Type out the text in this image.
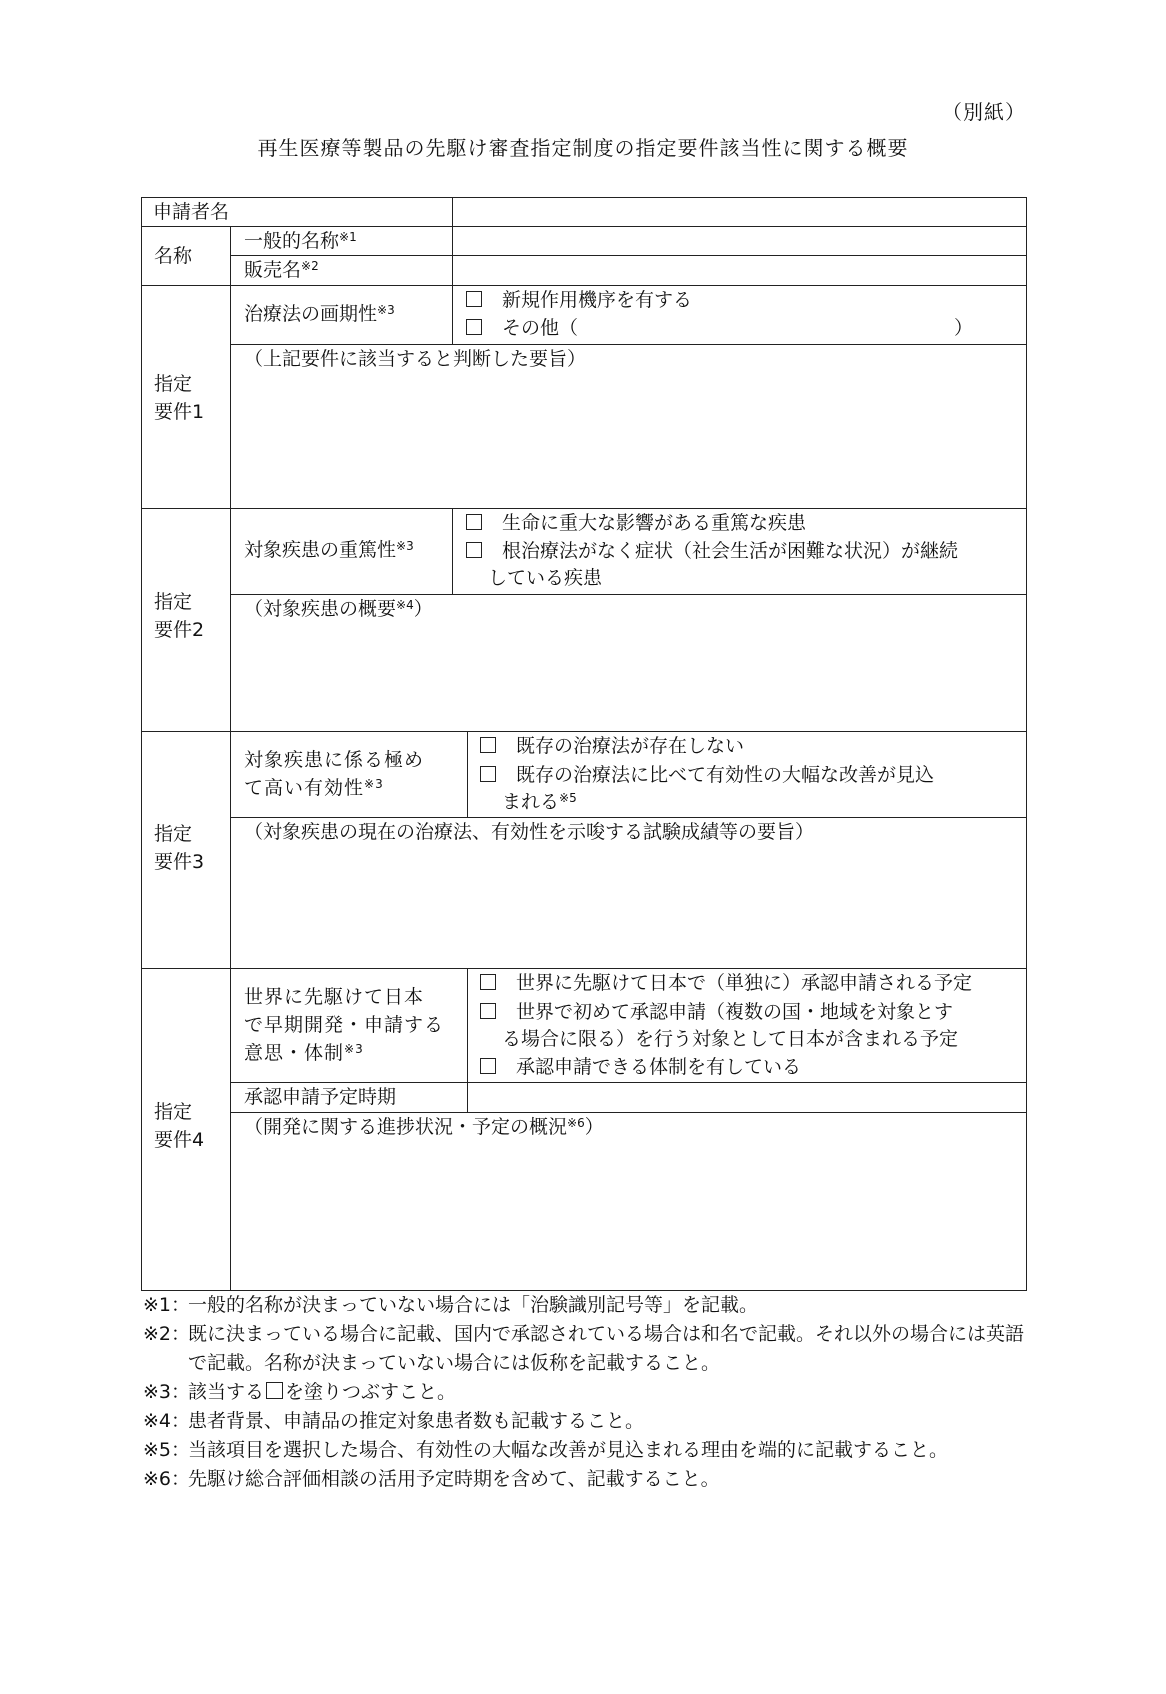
（別紙）
再生医療等製品の先駆け審査指定制度の指定要件該当性に関する概要
申請者名
名称
一般的名称$^{※1}$
販売名$^{※2}$
指定
要件1
治療法の画期性$^{※3}$	新規作用機序を有する
その他（	）
（上記要件に該当すると判断した要旨）
指定
要件2
対象疾患の重篤性$^{※3}$
生命に重大な影響がある重篤な疾患
根治療法がなく症状（社会生活が困難な状況）が継続
している疾患
（対象疾患の概要$^{※4}$）
指定
要件3
対象疾患に係る極め
て高い有効性$^{※3}$
既存の治療法が存在しない
既存の治療法に比べて有効性の大幅な改善が見込
まれる$^{※5}$
（対象疾患の現在の治療法、有効性を示唆する試験成績等の要旨）
指定
要件4
世界に先駆けて日本
で早期開発・申請する
意思・体制$^{※3}$
世界に先駆けて日本で（単独に）承認申請される予定
世界で初めて承認申請（複数の国・地域を対象とす
る場合に限る）を行う対象として日本が含まれる予定
承認申請できる体制を有している
承認申請予定時期
（開発に関する進捗状況・予定の概況$^{※6}$）
※1：
一般的名称が決まっていない場合には「治験識別記号等」を記載。
※2：
既に決まっている場合に記載、国内で承認されている場合は和名で記載。それ以外の場合には英語で記載。名称が決まっていない場合には仮称を記載すること。
※3：
該当する を塗りつぶすこと。
※4：
患者背景、申請品の推定対象患者数も記載すること。
※5：
当該項目を選択した場合、有効性の大幅な改善が見込まれる理由を端的に記載すること。
※6：
先駆け総合評価相談の活用予定時期を含めて、記載すること。
